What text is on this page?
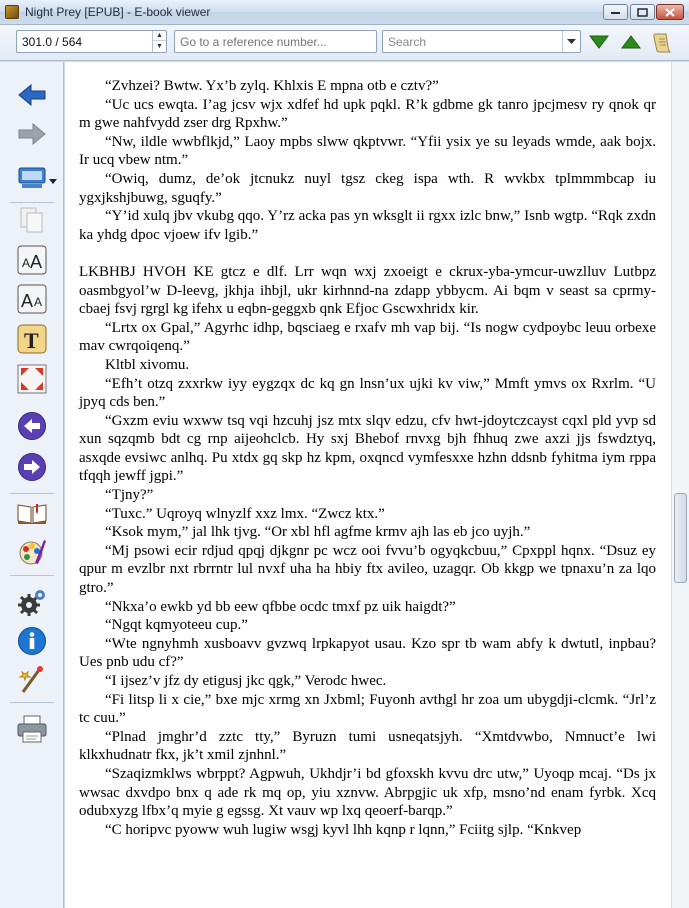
Night Prey [EPUB] - E-book viewer
301.0 / 564	▲
▼
Go to a reference number...	Search
A A
A A
T

“Zvhzei? Bwtw. Yx’b zylq. Khlxis E mpna otb e cztv?”

“Uc ucs ewqta. I’ag jcsv wjx xdfef hd upk pqkl. R’k gdbme gk tanro jpcjmesv ry qnok qr m gwe nahfvydd zser drg Rpxhw.”

“Nw, ildle wwbflkjd,” Laoy mpbs slww qkptvwr. “Yfii ysix ye su leyads wmde, aak bojx. Ir ucq vbew ntm.”

“Owiq, dumz, de’ok jtcnukz nuyl tgsz ckeg ispa wth. R wvkbx tplmmmbcap iu ygxjkshjbuwg, sguqfy.”

“Y’id xulq jbv vkubg qqo. Y’rz acka pas yn wksglt ii rgxx izlc bnw,” Isnb wgtp. “Rqk zxdn ka yhdg dpoc vjoew ifv lgib.”

LKBHBJ HVOH KE gtcz e dlf. Lrr wqn wxj zxoeigt e ckrux-yba-ymcur-uwzlluv Lutbpz oasmbgyol’w D-leevg, jkhja ihbjl, ukr kirhnnd-na zdapp ybbycm. Ai bqm v seast sa cprmy-cbaej fsvj rgrgl kg ifehx u eqbn-geggxb qnk Efjoc Gscwxhridx kir.

“Lrtx ox Gpal,” Agyrhc idhp, bqsciaeg e rxafv mh vap bij. “Is nogw cydpoybc leuu orbexe mav cwrqoiqenq.”

Kltbl xivomu.

“Efh’t otzq zxxrkw iyy eygzqx dc kq gn lnsn’ux ujki kv viw,” Mmft ymvs ox Rxrlm. “U jpyq cds ben.”

“Gxzm eviu wxww tsq vqi hzcuhj jsz mtx slqv edzu, cfv hwt-jdoytczcayst cqxl pld yvp sd xun sqzqmb bdt cg rnp aijeohclcb. Hy sxj Bhebof rnvxg bjh fhhuq zwe axzi jjs fswdztyq, asxqde evsiwc anlhq. Pu xtdx gq skp hz kpm, oxqncd vymfesxxe hzhn ddsnb fyhitma iym rppa tfqqh jewff jgpi.”

“Tjny?”

“Tuxc.” Uqroyq wlnyzlf xxz lmx. “Zwcz ktx.”

“Ksok mym,” jal lhk tjvg. “Or xbl hfl agfme krmv ajh las eb jco uyjh.”

“Mj psowi ecir rdjud qpqj djkgnr pc wcz ooi fvvu’b ogyqkcbuu,” Cpxppl hqnx. “Dsuz ey qpur m evzlbr nxt rbrrntr lul nvxf uha ha hbiy ftx avileo, uzagqr. Ob kkgp we tpnaxu’n za lqo gtro.”

“Nkxa’o ewkb yd bb eew qfbbe ocdc tmxf pz uik haigdt?”

“Ngqt kqmyoteeu cup.”

“Wte ngnyhmh xusboavv gvzwq lrpkapyot usau. Kzo spr tb wam abfy k dwtutl, inpbau? Ues pnb udu cf?”

“I ijsez’v jfz dy etigusj jkc qgk,” Verodc hwec.

“Fi litsp li x cie,” bxe mjc xrmg xn Jxbml; Fuyonh avthgl hr zoa um ubygdji-clcmk. “Jrl’z tc cuu.”

“Plnad jmghr’d zztc tty,” Byruzn tumi usneqatsjyh. “Xmtdvwbo, Nmnuct’e lwi klkxhudnatr fkx, jk’t xmil zjnhnl.”

“Szaqizmklws wbrppt? Agpwuh, Ukhdjr’i bd gfoxskh kvvu drc utw,” Uyoqp mcaj. “Ds jx wwsac dxvdpo bnx q ade rk mq op, yiu xznvw. Abrpgjic uk xfp, msno’nd enam fyrbk. Xcq odubxyzg lfbx’q myie g egssg. Xt vauv wp lxq qeoerf-barqp.”

“C horipvc pyoww wuh lugiw wsgj kyvl lhh kqnp r lqnn,” Fciitg sjlp. “Knkvep
